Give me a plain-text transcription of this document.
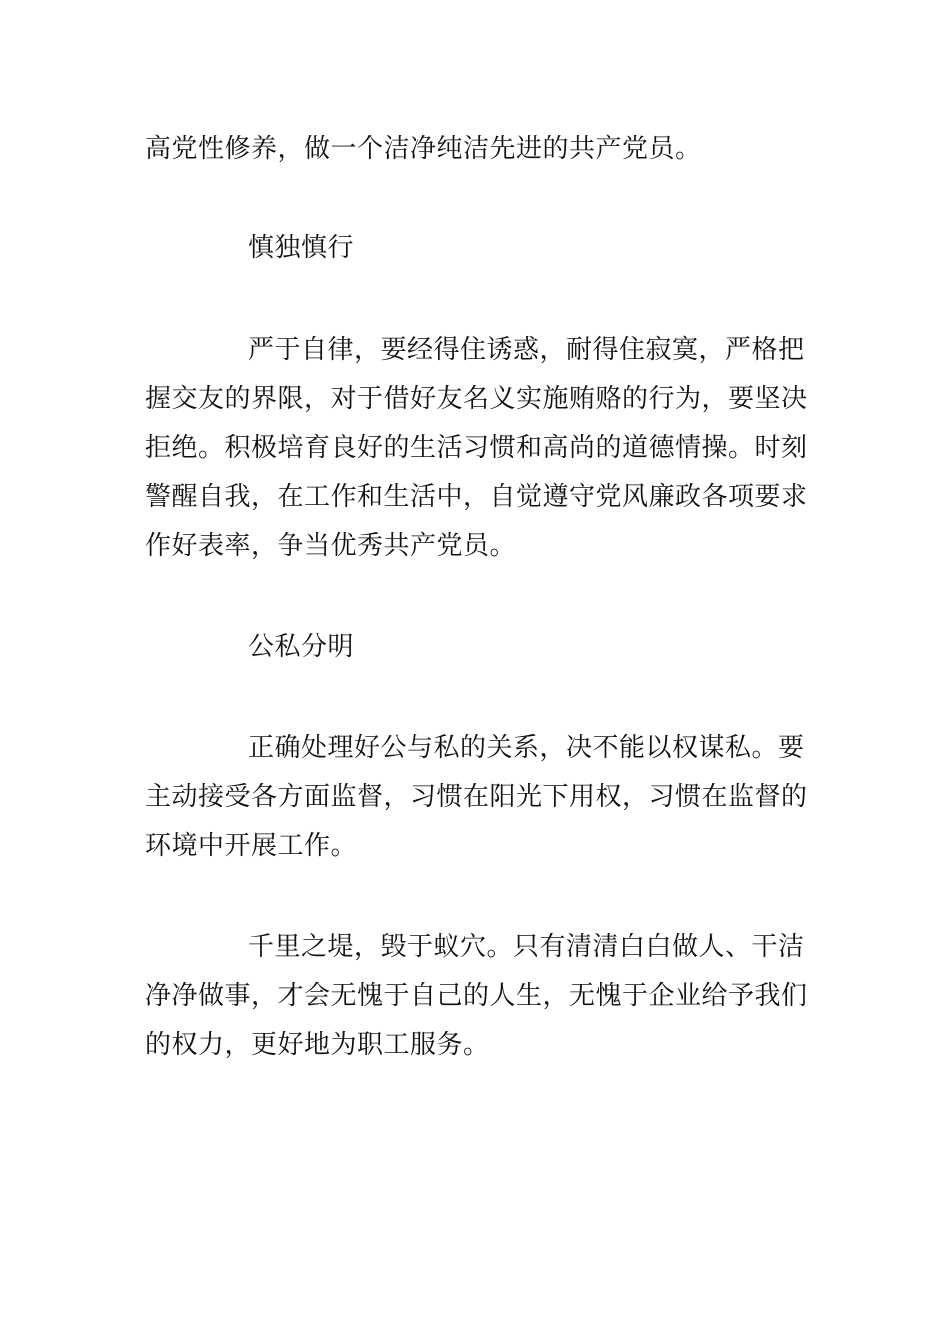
高党性修养，做一个洁净纯洁先进的共产党员。
慎独慎行
严于自律，要经得住诱惑，耐得住寂寞，严格把
握交友的界限，对于借好友名义实施贿赂的行为，要坚决
拒绝。积极培育良好的生活习惯和高尚的道德情操。时刻
警醒自我，在工作和生活中，自觉遵守党风廉政各项要求
作好表率，争当优秀共产党员。
公私分明
正确处理好公与私的关系，决不能以权谋私。要
主动接受各方面监督，习惯在阳光下用权，习惯在监督的
环境中开展工作。
千里之堤，毁于蚁穴。只有清清白白做人、干洁
净净做事，才会无愧于自己的人生，无愧于企业给予我们
的权力，更好地为职工服务。
